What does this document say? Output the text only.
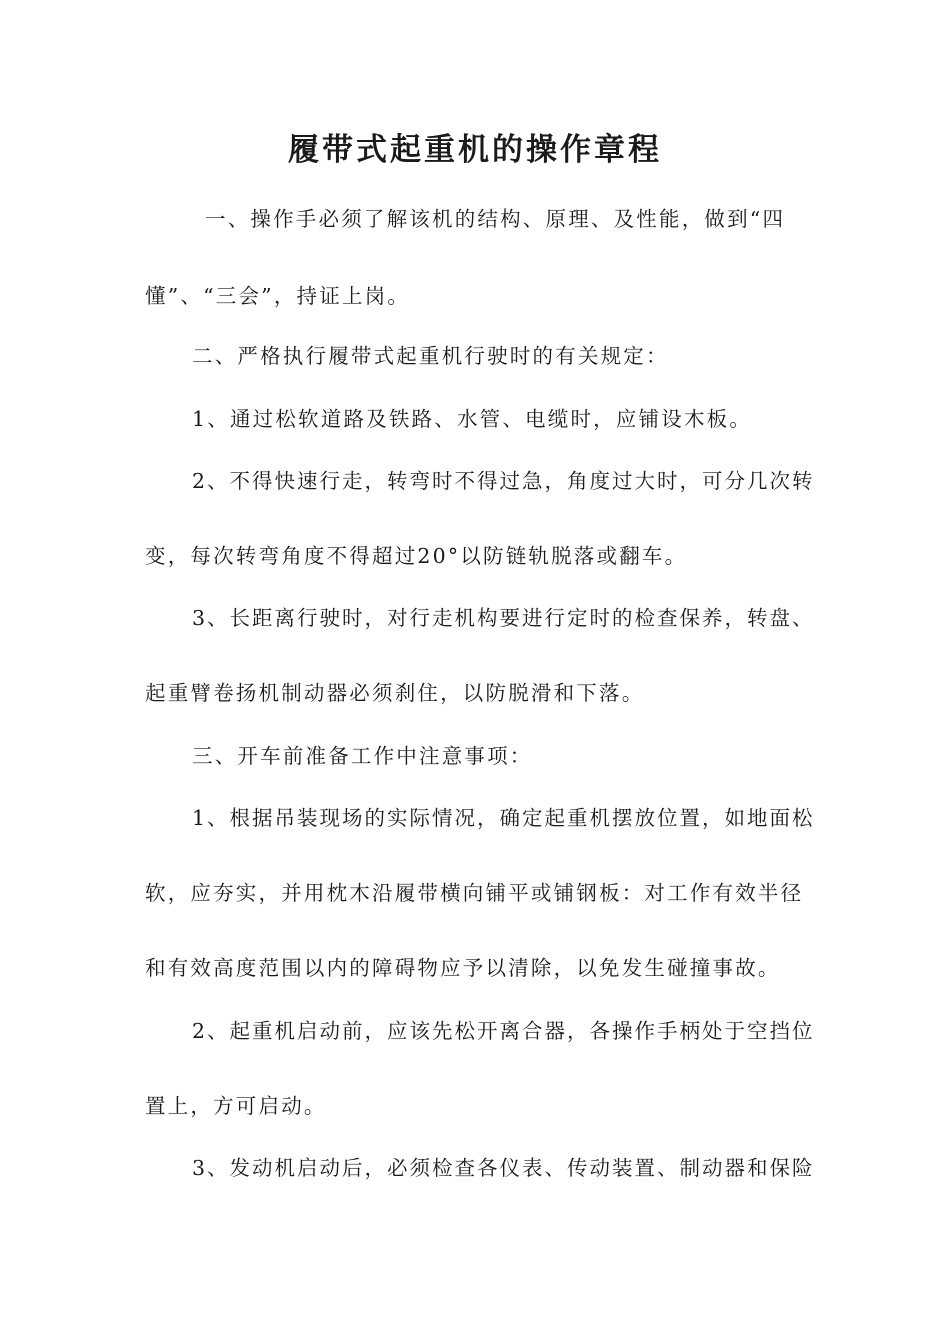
履带式起重机的操作章程
一、操作手必须了解该机的结构、原理、及性能，做到“四
懂”、“三会”，持证上岗。
二、严格执行履带式起重机行驶时的有关规定：
1、通过松软道路及铁路、水管、电缆时，应铺设木板。
2、不得快速行走，转弯时不得过急，角度过大时，可分几次转
变，每次转弯角度不得超过20°以防链轨脱落或翻车。
3、长距离行驶时，对行走机构要进行定时的检查保养，转盘、
起重臂卷扬机制动器必须刹住，以防脱滑和下落。
三、开车前准备工作中注意事项：
1、根据吊装现场的实际情况，确定起重机摆放位置，如地面松
软，应夯实，并用枕木沿履带横向铺平或铺钢板：对工作有效半径
和有效高度范围以内的障碍物应予以清除，以免发生碰撞事故。
2、起重机启动前，应该先松开离合器，各操作手柄处于空挡位
置上，方可启动。
3、发动机启动后，必须检查各仪表、传动装置、制动器和保险
